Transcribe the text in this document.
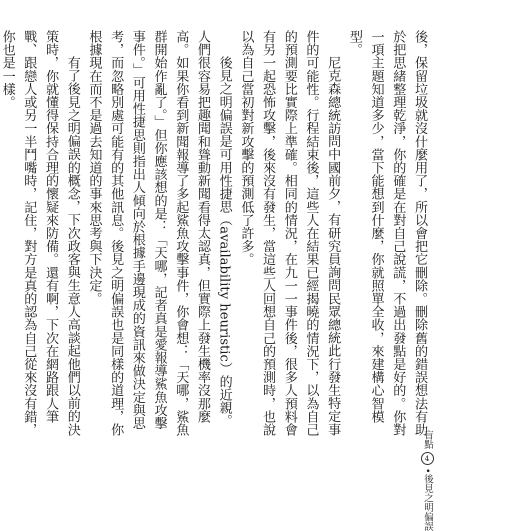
後，保留垃圾就沒什麼用了，所以會把它刪除。刪除舊的錯誤想法有助於把思緒整理乾淨，你的確是在對自己說謊，不過出發點是好的。你對一項主題知道多少，當下能想到什麼，你就照單全收，來建構心智模型。

尼克森總統訪問中國前夕，有研究員詢問民眾總統此行發生特定事件的可能性。行程結束後，這些人在結果已經揭曉的情況下，以為自己的預測要比實際上準確。相同的情況，在九一一事件後，很多人預料會有另一起恐怖攻擊，後來沒有發生，當這些人回想自己的預測時，也說以為自己當初對新攻擊的預測低了許多。

後見之明偏誤是可用性捷思（availability heuristic）的近親。人們很容易把趣聞和聳動新聞看得太認真，但實際上發生機率沒那麼高。如果你看到新聞報導了多起鯊魚攻擊事件，你會想：「天哪，鯊魚群開始作亂了。」但你應該想的是：「天哪，記者真是愛報導鯊魚攻擊事件。」可用性捷思則指出人傾向於根據手邊現成的資訊來做決定與思考，而忽略別處可能有的其他訊息。後見之明偏誤也是同樣的道理，你根據現在而不是過去知道的事來思考與下決定。

有了後見之明偏誤的概念，下次政客與生意人高談起他們以前的決策時，你就懂得保持合理的懷疑來防備。還有啊，下次在網路跟人筆戰、跟戀人或另一半鬥嘴時，記住，對方是真的認為自己從來沒有錯，你也是一樣。

盲點
4
•
後見之明偏誤
